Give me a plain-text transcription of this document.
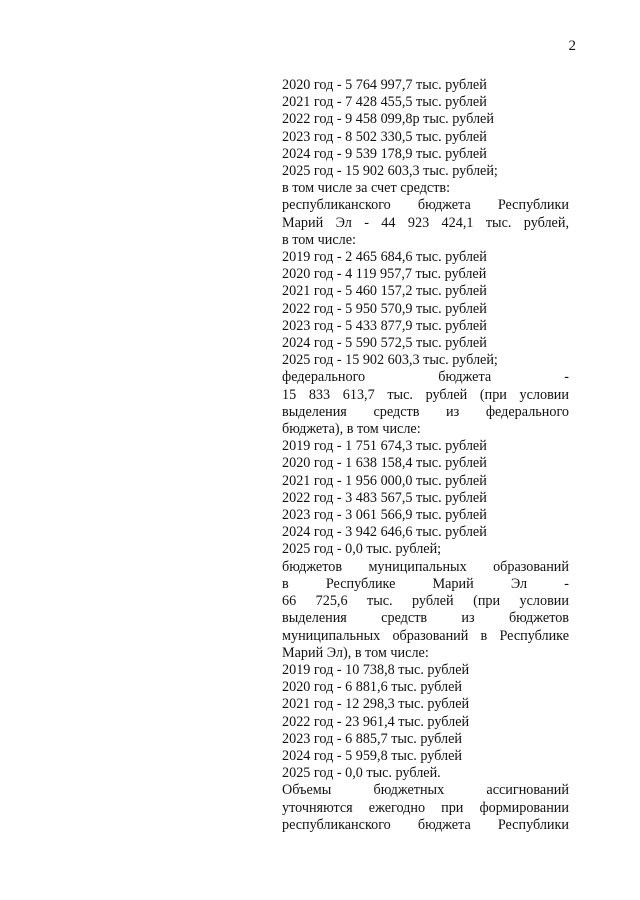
2
2020 год - 5 764 997,7 тыс. рублей
2021 год - 7 428 455,5 тыс. рублей
2022 год - 9 458 099,8р тыс. рублей
2023 год - 8 502 330,5 тыс. рублей
2024 год - 9 539 178,9 тыс. рублей
2025 год - 15 902 603,3 тыс. рублей;
в том числе за счет средств:
республиканского бюджета Республики
Марий Эл - 44 923 424,1 тыс. рублей,
в том числе:
2019 год - 2 465 684,6 тыс. рублей
2020 год - 4 119 957,7 тыс. рублей
2021 год - 5 460 157,2 тыс. рублей
2022 год - 5 950 570,9 тыс. рублей
2023 год - 5 433 877,9 тыс. рублей
2024 год - 5 590 572,5 тыс. рублей
2025 год - 15 902 603,3 тыс. рублей;
федерального бюджета -
15 833 613,7 тыс. рублей (при условии
выделения средств из федерального
бюджета), в том числе:
2019 год - 1 751 674,3 тыс. рублей
2020 год - 1 638 158,4 тыс. рублей
2021 год - 1 956 000,0 тыс. рублей
2022 год - 3 483 567,5 тыс. рублей
2023 год - 3 061 566,9 тыс. рублей
2024 год - 3 942 646,6 тыс. рублей
2025 год - 0,0 тыс. рублей;
бюджетов муниципальных образований
в Республике Марий Эл -
66 725,6 тыс. рублей (при условии
выделения средств из бюджетов
муниципальных образований в Республике
Марий Эл), в том числе:
2019 год - 10 738,8 тыс. рублей
2020 год - 6 881,6 тыс. рублей
2021 год - 12 298,3 тыс. рублей
2022 год - 23 961,4 тыс. рублей
2023 год - 6 885,7 тыс. рублей
2024 год - 5 959,8 тыс. рублей
2025 год - 0,0 тыс. рублей.
Объемы бюджетных ассигнований
уточняются ежегодно при формировании
республиканского бюджета Республики
